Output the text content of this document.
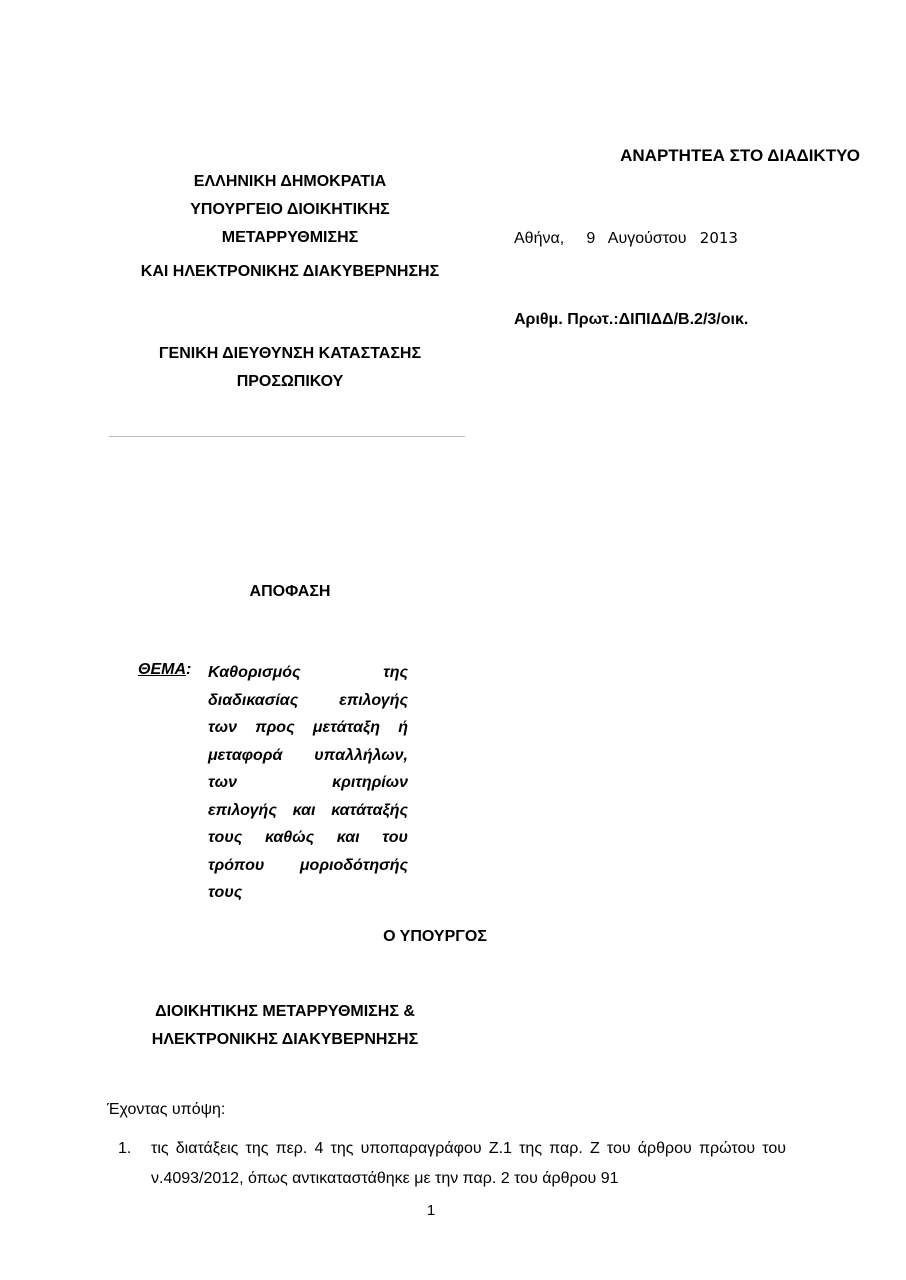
ΑΝΑΡΤΗΤΕΑ ΣΤΟ ΔΙΑΔΙΚΤΥΟ
ΕΛΛΗΝΙΚΗ ΔΗΜΟΚΡΑΤΙΑ
ΥΠΟΥΡΓΕΙΟ ΔΙΟΙΚΗΤΙΚΗΣ
ΜΕΤΑΡΡΥΘΜΙΣΗΣ
ΚΑΙ ΗΛΕΚΤΡΟΝΙΚΗΣ ΔΙΑΚΥΒΕΡΝΗΣΗΣ
Αθήνα, 9 Αυγούστου 2013
Αριθμ. Πρωτ.:ΔΙΠΙΔΔ/Β.2/3/οικ.
ΓΕΝΙΚΗ ΔΙΕΥΘΥΝΣΗ ΚΑΤΑΣΤΑΣΗΣ
ΠΡΟΣΩΠΙΚΟΥ
ΑΠΟΦΑΣΗ
ΘΕΜΑ: Καθορισμός της
διαδικασίας επιλογής
των προς μετάταξη ή
μεταφορά υπαλλήλων,
των κριτηρίων
επιλογής και κατάταξής
τους καθώς και του
τρόπου μοριοδότησής
τους
Ο ΥΠΟΥΡΓΟΣ
ΔΙΟΙΚΗΤΙΚΗΣ ΜΕΤΑΡΡΥΘΜΙΣΗΣ &
ΗΛΕΚΤΡΟΝΙΚΗΣ ΔΙΑΚΥΒΕΡΝΗΣΗΣ
Έχοντας υπόψη:
1. τις διατάξεις της περ. 4 της υποπαραγράφου Ζ.1 της παρ. Ζ του άρθρου πρώτου του ν.4093/2012, όπως αντικαταστάθηκε με την παρ. 2 του άρθρου 91
1
